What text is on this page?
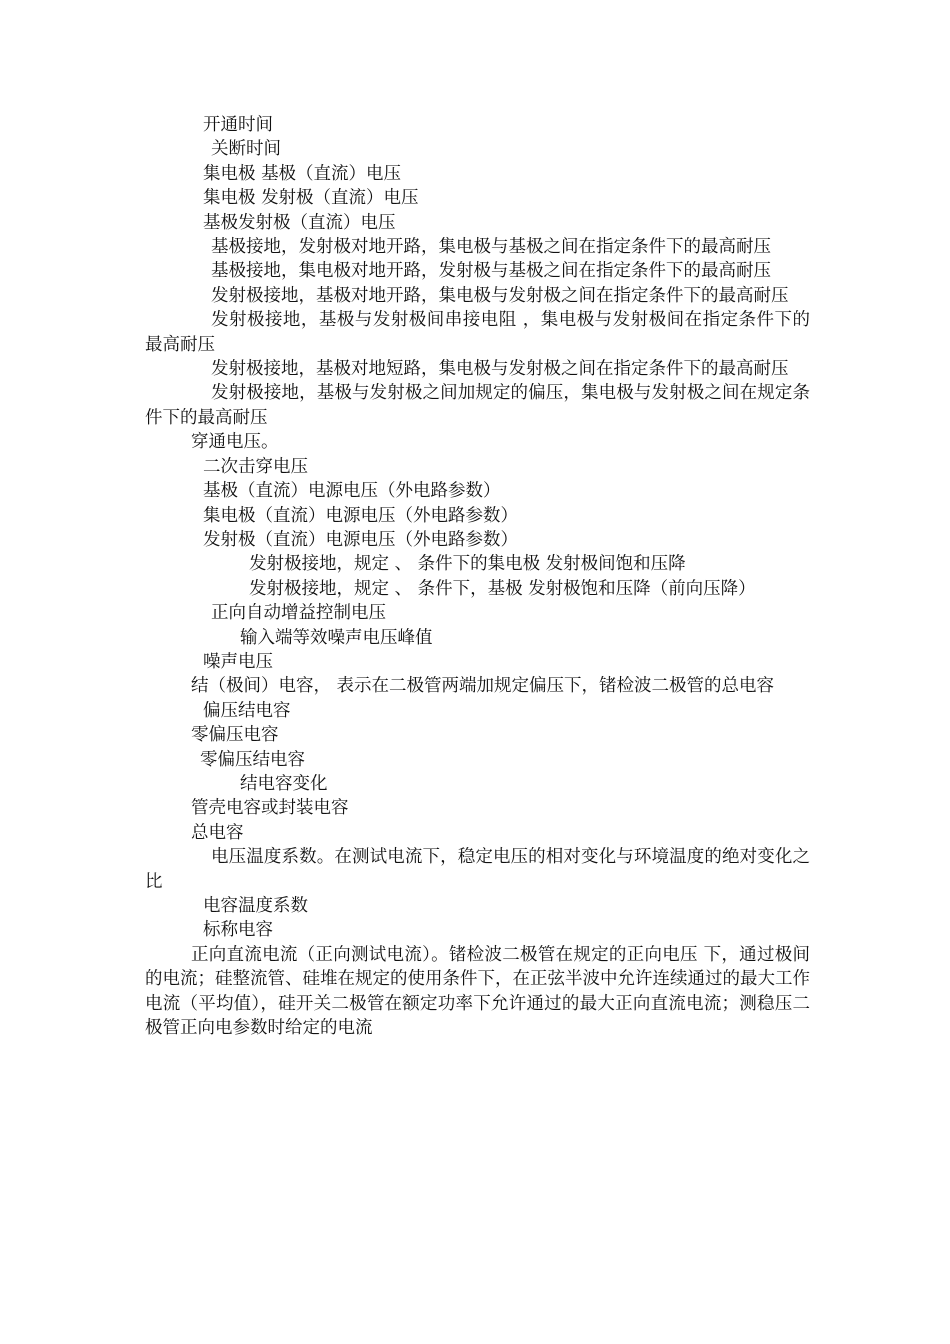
开通时间
关断时间
集电极 基极（直流）电压
集电极 发射极（直流）电压
基极发射极（直流）电压
基极接地，发射极对地开路，集电极与基极之间在指定条件下的最高耐压
基极接地，集电极对地开路，发射极与基极之间在指定条件下的最高耐压
发射极接地，基极对地开路，集电极与发射极之间在指定条件下的最高耐压
发射极接地，基极与发射极间串接电阻 ，集电极与发射极间在指定条件下的最高耐压
发射极接地，基极对地短路，集电极与发射极之间在指定条件下的最高耐压
发射极接地，基极与发射极之间加规定的偏压，集电极与发射极之间在规定条件下的最高耐压
穿通电压。
二次击穿电压
基极（直流）电源电压（外电路参数）
集电极（直流）电源电压（外电路参数）
发射极（直流）电源电压（外电路参数）
发射极接地，规定 、 条件下的集电极 发射极间饱和压降
发射极接地，规定 、 条件下，基极 发射极饱和压降（前向压降）
正向自动增益控制电压
输入端等效噪声电压峰值
噪声电压
结（极间）电容， 表示在二极管两端加规定偏压下，锗检波二极管的总电容
偏压结电容
零偏压电容
零偏压结电容
结电容变化
管壳电容或封装电容
总电容
电压温度系数。在测试电流下，稳定电压的相对变化与环境温度的绝对变化之比
电容温度系数
标称电容
正向直流电流（正向测试电流）。锗检波二极管在规定的正向电压 下，通过极间的电流；硅整流管、硅堆在规定的使用条件下，在正弦半波中允许连续通过的最大工作电流（平均值），硅开关二极管在额定功率下允许通过的最大正向直流电流；测稳压二极管正向电参数时给定的电流
